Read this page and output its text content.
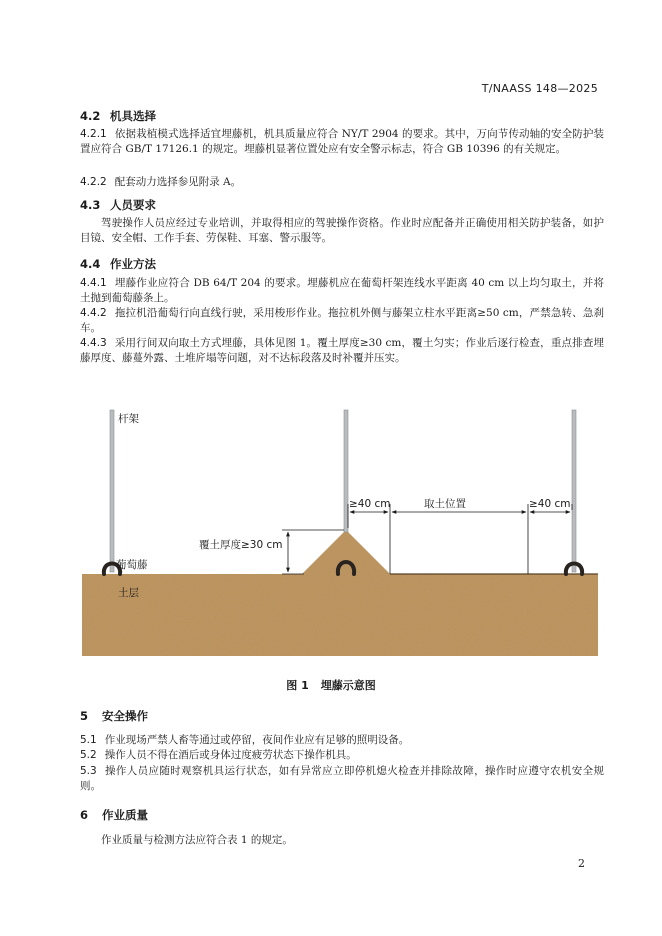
T/NAASS 148—2025
4.2 机具选择
4.2.1 依据栽植模式选择适宜埋藤机，机具质量应符合 NY/T 2904 的要求。其中，万向节传动轴的安全防护装置应符合 GB/T 17126.1 的规定。埋藤机显著位置处应有安全警示标志，符合 GB 10396 的有关规定。
4.2.2 配套动力选择参见附录 A。
4.3 人员要求
驾驶操作人员应经过专业培训，并取得相应的驾驶操作资格。作业时应配备并正确使用相关防护装备，如护目镜、安全帽、工作手套、劳保鞋、耳塞、警示服等。
4.4 作业方法
4.4.1 埋藤作业应符合 DB 64/T 204 的要求。埋藤机应在葡萄杆架连线水平距离 40 cm 以上均匀取土，并将土抛到葡萄藤条上。
4.4.2 拖拉机沿葡萄行向直线行驶，采用梭形作业。拖拉机外侧与藤架立柱水平距离≥50 cm，严禁急转、急刹车。
4.4.3 采用行间双向取土方式埋藤，具体见图 1。覆土厚度≥30 cm，覆土匀实；作业后逐行检查，重点排查埋藤厚度、藤蔓外露、土堆庍塌等问题，对不达标段落及时补覆并压实。
杆架
葡萄藤
土层
覆土厚度≥30 cm
≥40 cm	取土位置	≥40 cm
图 1 埋藤示意图
5 安全操作
5.1 作业现场严禁人畜等通过或停留，夜间作业应有足够的照明设备。
5.2 操作人员不得在酒后或身体过度疲劳状态下操作机具。
5.3 操作人员应随时观察机具运行状态，如有异常应立即停机熄火检查并排除故障，操作时应遵守农机安全规则。
6 作业质量
作业质量与检测方法应符合表 1 的规定。
2
